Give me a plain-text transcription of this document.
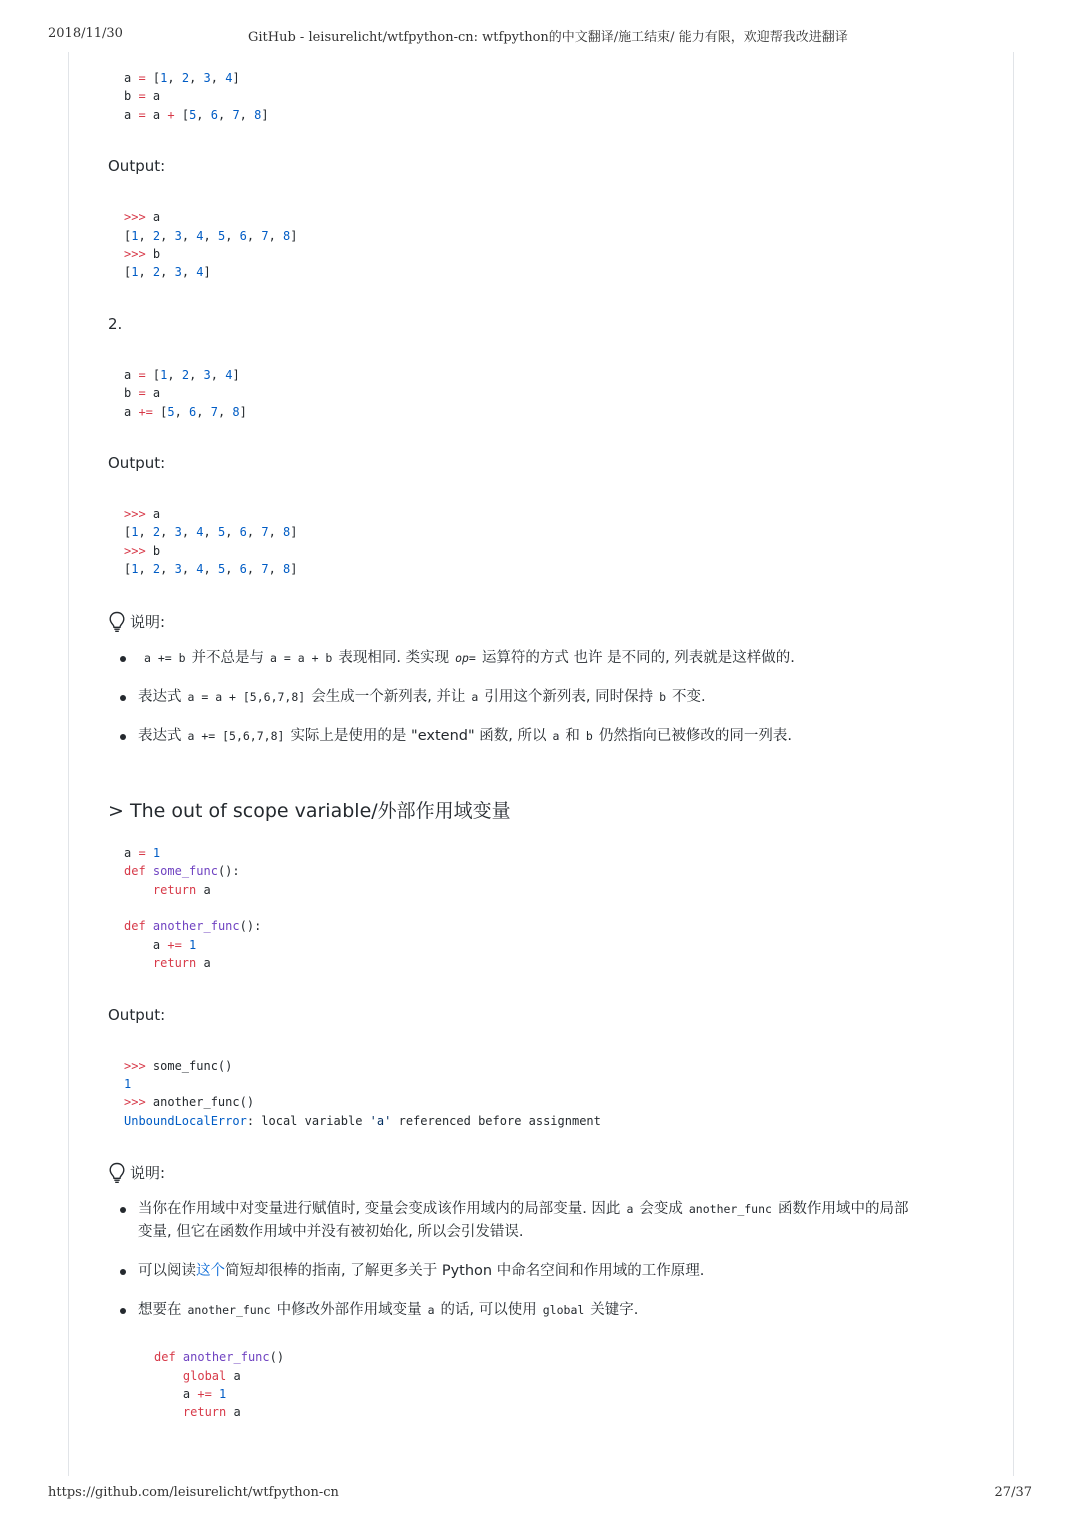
2018/11/30	GitHub - leisurelicht/wtfpython-cn: wtfpython的中文翻译/施工结束/ 能力有限，欢迎帮我改进翻译
a = [1, 2, 3, 4]
b = a
a = a + [5, 6, 7, 8]
Output:
>>> a
[1, 2, 3, 4, 5, 6, 7, 8]
>>> b
[1, 2, 3, 4]
2.
a = [1, 2, 3, 4]
b = a
a += [5, 6, 7, 8]
Output:
>>> a
[1, 2, 3, 4, 5, 6, 7, 8]
>>> b
[1, 2, 3, 4, 5, 6, 7, 8]
说明:
a += b 并不总是与 a = a + b 表现相同. 类实现 op= 运算符的方式 也许 是不同的, 列表就是这样做的.
表达式 a = a + [5,6,7,8] 会生成一个新列表, 并让 a 引用这个新列表, 同时保持 b 不变.
表达式 a += [5,6,7,8] 实际上是使用的是 "extend" 函数, 所以 a 和 b 仍然指向已被修改的同一列表.
> The out of scope variable/外部作用域变量
a = 1
def some_func():
return a

def another_func():
a += 1
return a
Output:
>>> some_func()
1
>>> another_func()
UnboundLocalError: local variable 'a' referenced before assignment
说明:
当你在作用域中对变量进行赋值时, 变量会变成该作用域内的局部变量. 因此 a 会变成 another_func 函数作用域中的局部
变量, 但它在函数作用域中并没有被初始化, 所以会引发错误.
可以阅读这个简短却很棒的指南, 了解更多关于 Python 中命名空间和作用域的工作原理.
想要在 another_func 中修改外部作用域变量 a 的话, 可以使用 global 关键字.
def another_func()
global a
a += 1
return a
https://github.com/leisurelicht/wtfpython-cn	27/37
